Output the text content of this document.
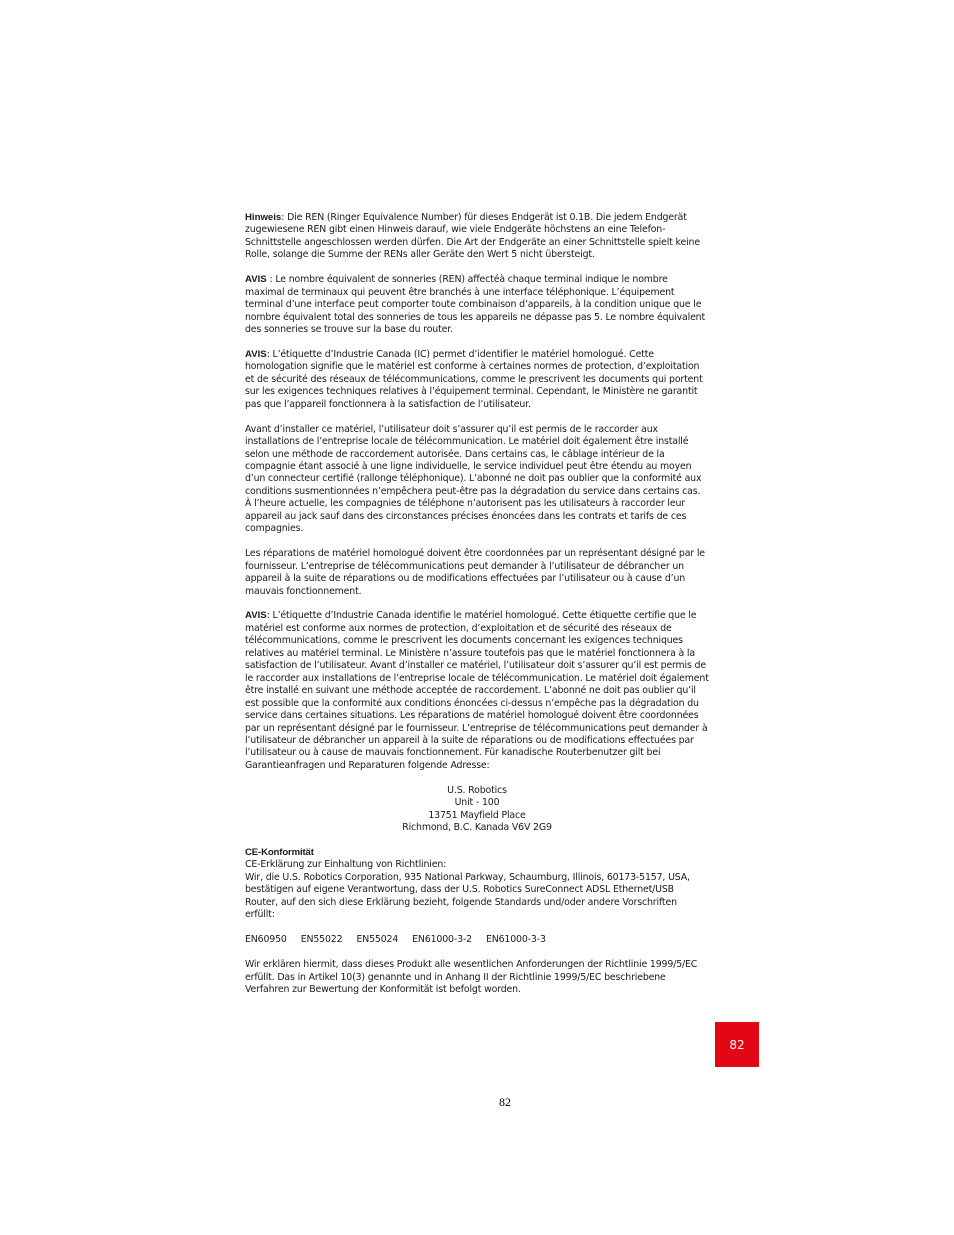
Hinweis: Die REN (Ringer Equivalence Number) für dieses Endgerät ist 0.1B. Die jedem Endgerät zugewiesene REN gibt einen Hinweis darauf, wie viele Endgeräte höchstens an eine Telefon-Schnittstelle angeschlossen werden dürfen. Die Art der Endgeräte an einer Schnittstelle spielt keine Rolle, solange die Summe der RENs aller Geräte den Wert 5 nicht übersteigt.

AVIS : Le nombre équivalent de sonneries (REN) affectéà chaque terminal indique le nombre maximal de terminaux qui peuvent être branchés à une interface téléphonique. L’équipement terminal d’une interface peut comporter toute combinaison d’appareils, à la condition unique que le nombre équivalent total des sonneries de tous les appareils ne dépasse pas 5. Le nombre équivalent des sonneries se trouve sur la base du router.

AVIS: L’étiquette d’Industrie Canada (IC) permet d’identifier le matériel homologué. Cette homologation signifie que le matériel est conforme à certaines normes de protection, d’exploitation et de sécurité des réseaux de télécommunications, comme le prescrivent les documents qui portent sur les exigences techniques relatives à l’équipement terminal. Cependant, le Ministère ne garantit pas que l’appareil fonctionnera à la satisfaction de l’utilisateur.

Avant d’installer ce matériel, l’utilisateur doit s’assurer qu’il est permis de le raccorder aux installations de l’entreprise locale de télécommunication. Le matériel doit également être installé selon une méthode de raccordement autorisée. Dans certains cas, le câblage intérieur de la compagnie étant associé à une ligne individuelle, le service individuel peut être étendu au moyen d’un connecteur certifié (rallonge téléphonique). L’abonné ne doit pas oublier que la conformité aux conditions susmentionnées n’empêchera peut-être pas la dégradation du service dans certains cas. À l’heure actuelle, les compagnies de téléphone n’autorisent pas les utilisateurs à raccorder leur appareil au jack sauf dans des circonstances précises énoncées dans les contrats et tarifs de ces compagnies.

Les réparations de matériel homologué doivent être coordonnées par un représentant désigné par le fournisseur. L’entreprise de télécommunications peut demander à l’utilisateur de débrancher un appareil à la suite de réparations ou de modifications effectuées par l’utilisateur ou à cause d’un mauvais fonctionnement.

AVIS: L’étiquette d’Industrie Canada identifie le matériel homologué. Cette étiquette certifie que le matériel est conforme aux normes de protection, d’exploitation et de sécurité des réseaux de télécommunications, comme le prescrivent les documents concernant les exigences techniques relatives au matériel terminal. Le Ministère n’assure toutefois pas que le matériel fonctionnera à la satisfaction de l’utilisateur. Avant d’installer ce matériel, l’utilisateur doit s’assurer qu’il est permis de le raccorder aux installations de l’entreprise locale de télécommunication. Le matériel doit également être installé en suivant une méthode acceptée de raccordement. L’abonné ne doit pas oublier qu’il est possible que la conformité aux conditions énoncées ci-dessus n’empêche pas la dégradation du service dans certaines situations. Les réparations de matériel homologué doivent être coordonnées par un représentant désigné par le fournisseur. L’entreprise de télécommunications peut demander à l’utilisateur de débrancher un appareil à la suite de réparations ou de modifications effectuées par l’utilisateur ou à cause de mauvais fonctionnement. Für kanadische Routerbenutzer gilt bei Garantieanfragen und Reparaturen folgende Adresse:

U.S. Robotics
Unit - 100
13751 Mayfield Place
Richmond, B.C. Kanada V6V 2G9
CE-Konformität
CE-Erklärung zur Einhaltung von Richtlinien:
Wir, die U.S. Robotics Corporation, 935 National Parkway, Schaumburg, Illinois, 60173-5157, USA, bestätigen auf eigene Verantwortung, dass der U.S. Robotics SureConnect ADSL Ethernet/USB Router, auf den sich diese Erklärung bezieht, folgende Standards und/oder andere Vorschriften erfüllt:
EN60950 EN55022 EN55024 EN61000-3-2 EN61000-3-3

Wir erklären hiermit, dass dieses Produkt alle wesentlichen Anforderungen der Richtlinie 1999/5/EC erfüllt. Das in Artikel 10(3) genannte und in Anhang II der Richtlinie 1999/5/EC beschriebene Verfahren zur Bewertung der Konformität ist befolgt worden.

82
82
